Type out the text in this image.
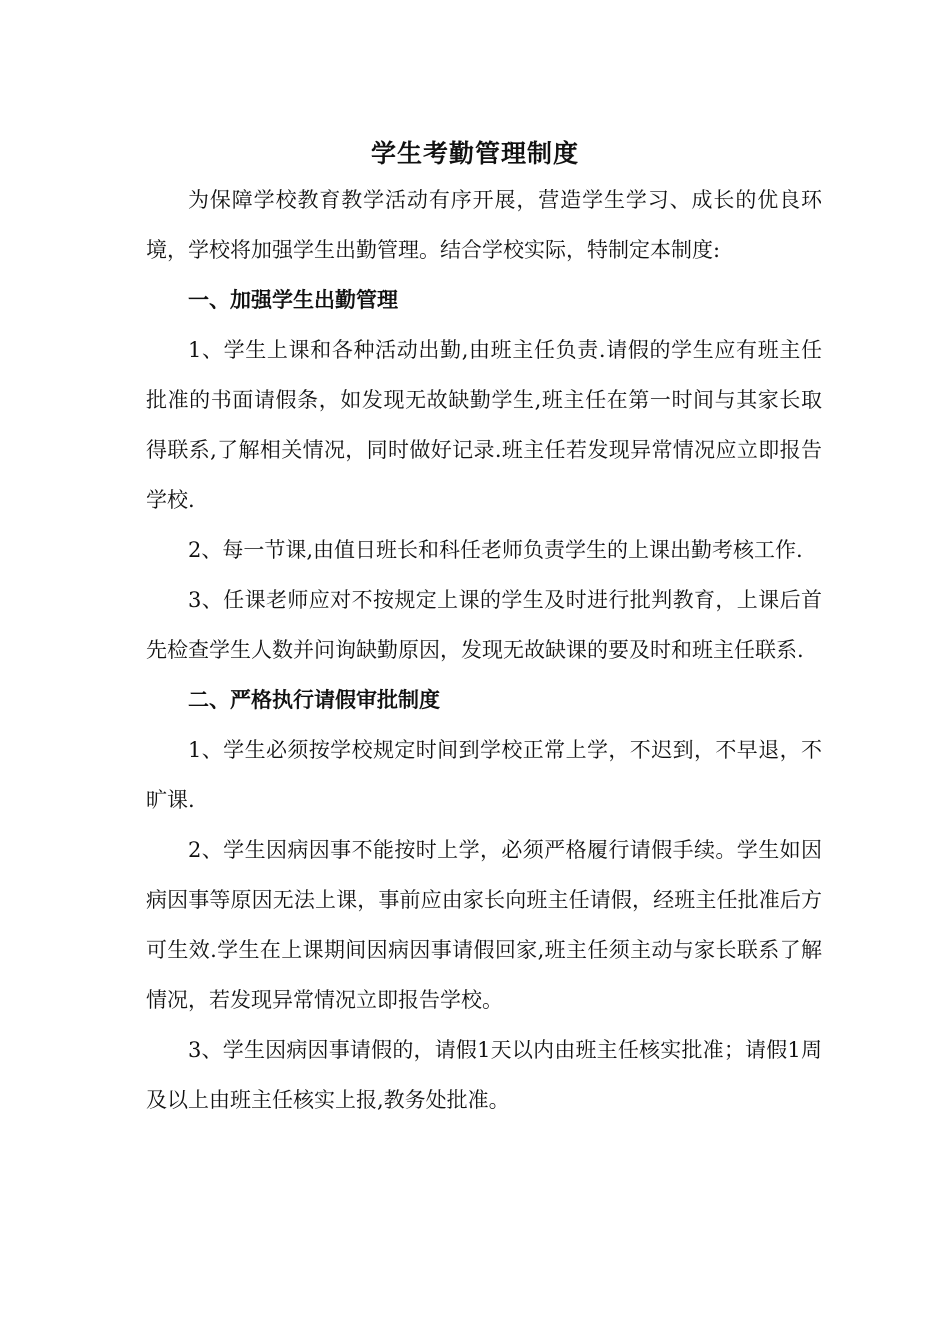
学生考勤管理制度

为保障学校教育教学活动有序开展，营造学生学习、成长的优良环境，学校将加强学生出勤管理。结合学校实际，特制定本制度:

一、加强学生出勤管理

1、学生上课和各种活动出勤,由班主任负责.请假的学生应有班主任批准的书面请假条，如发现无故缺勤学生,班主任在第一时间与其家长取得联系,了解相关情况，同时做好记录.班主任若发现异常情况应立即报告学校.

2、每一节课,由值日班长和科任老师负责学生的上课出勤考核工作.

3、任课老师应对不按规定上课的学生及时进行批判教育，上课后首先检查学生人数并问询缺勤原因，发现无故缺课的要及时和班主任联系.

二、严格执行请假审批制度

1、学生必须按学校规定时间到学校正常上学，不迟到，不早退，不旷课.

2、学生因病因事不能按时上学，必须严格履行请假手续。学生如因病因事等原因无法上课，事前应由家长向班主任请假，经班主任批准后方可生效.学生在上课期间因病因事请假回家,班主任须主动与家长联系了解情况，若发现异常情况立即报告学校。

3、学生因病因事请假的，请假1天以内由班主任核实批准；请假1周及以上由班主任核实上报,教务处批准。
